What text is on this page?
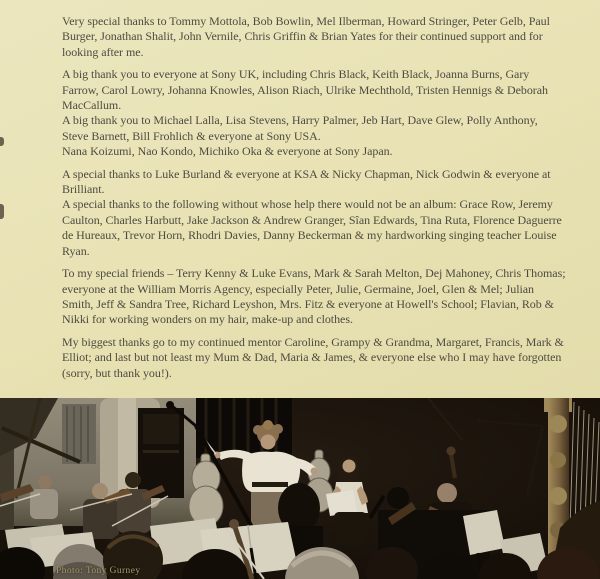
Very special thanks to Tommy Mottola, Bob Bowlin, Mel Ilberman, Howard Stringer, Peter Gelb, Paul Burger, Jonathan Shalit, John Vernile, Chris Griffin & Brian Yates for their continued support and for looking after me.
A big thank you to everyone at Sony UK, including Chris Black, Keith Black, Joanna Burns, Gary Farrow, Carol Lowry, Johanna Knowles, Alison Riach, Ulrike Mechthold, Tristen Hennigs & Deborah MacCallum.
A big thank you to Michael Lalla, Lisa Stevens, Harry Palmer, Jeb Hart, Dave Glew, Polly Anthony, Steve Barnett, Bill Frohlich & everyone at Sony USA.
Nana Koizumi, Nao Kondo, Michiko Oka & everyone at Sony Japan.
A special thanks to Luke Burland & everyone at KSA & Nicky Chapman, Nick Godwin & everyone at Brilliant.
A special thanks to the following without whose help there would not be an album: Grace Row, Jeremy Caulton, Charles Harbutt, Jake Jackson & Andrew Granger, Sîan Edwards, Tina Ruta, Florence Daguerre de Hureaux, Trevor Horn, Rhodri Davies, Danny Beckerman & my hardworking singing teacher Louise Ryan.
To my special friends – Terry Kenny & Luke Evans, Mark & Sarah Melton, Dej Mahoney, Chris Thomas; everyone at the William Morris Agency, especially Peter, Julie, Germaine, Joel, Glen & Mel; Julian Smith, Jeff & Sandra Tree, Richard Leyshon, Mrs. Fitz & everyone at Howell's School; Flavian, Rob & Nikki for working wonders on my hair, make-up and clothes.
My biggest thanks go to my continued mentor Caroline, Grampy & Grandma, Margaret, Francis, Mark & Elliot; and last but not least my Mum & Dad, Maria & James, & everyone else who I may have forgotten (sorry, but thank you!).
Photo: Tony Gurney
